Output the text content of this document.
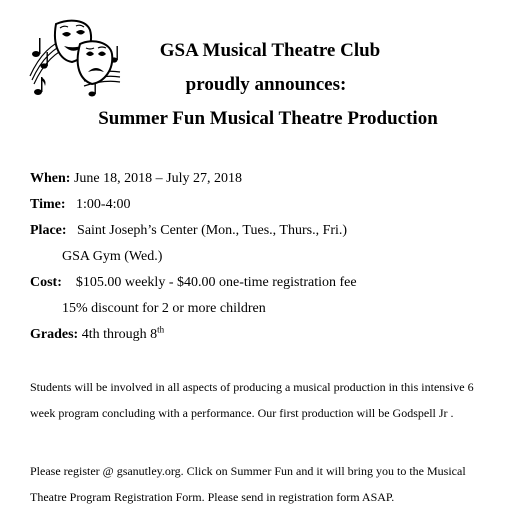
GSA Musical Theatre Club
proudly announces:
Summer Fun Musical Theatre Production
When: June 18, 2018 – July 27, 2018
Time: 1:00-4:00
Place: Saint Joseph’s Center (Mon., Tues., Thurs., Fri.)
GSA Gym (Wed.)
Cost: $105.00 weekly - $40.00 one-time registration fee
15% discount for 2 or more children
Grades: 4th through 8th
Students will be involved in all aspects of producing a musical production in this intensive 6 week program concluding with a performance. Our first production will be Godspell Jr .
Please register @ gsanutley.org. Click on Summer Fun and it will bring you to the Musical Theatre Program Registration Form. Please send in registration form ASAP.
